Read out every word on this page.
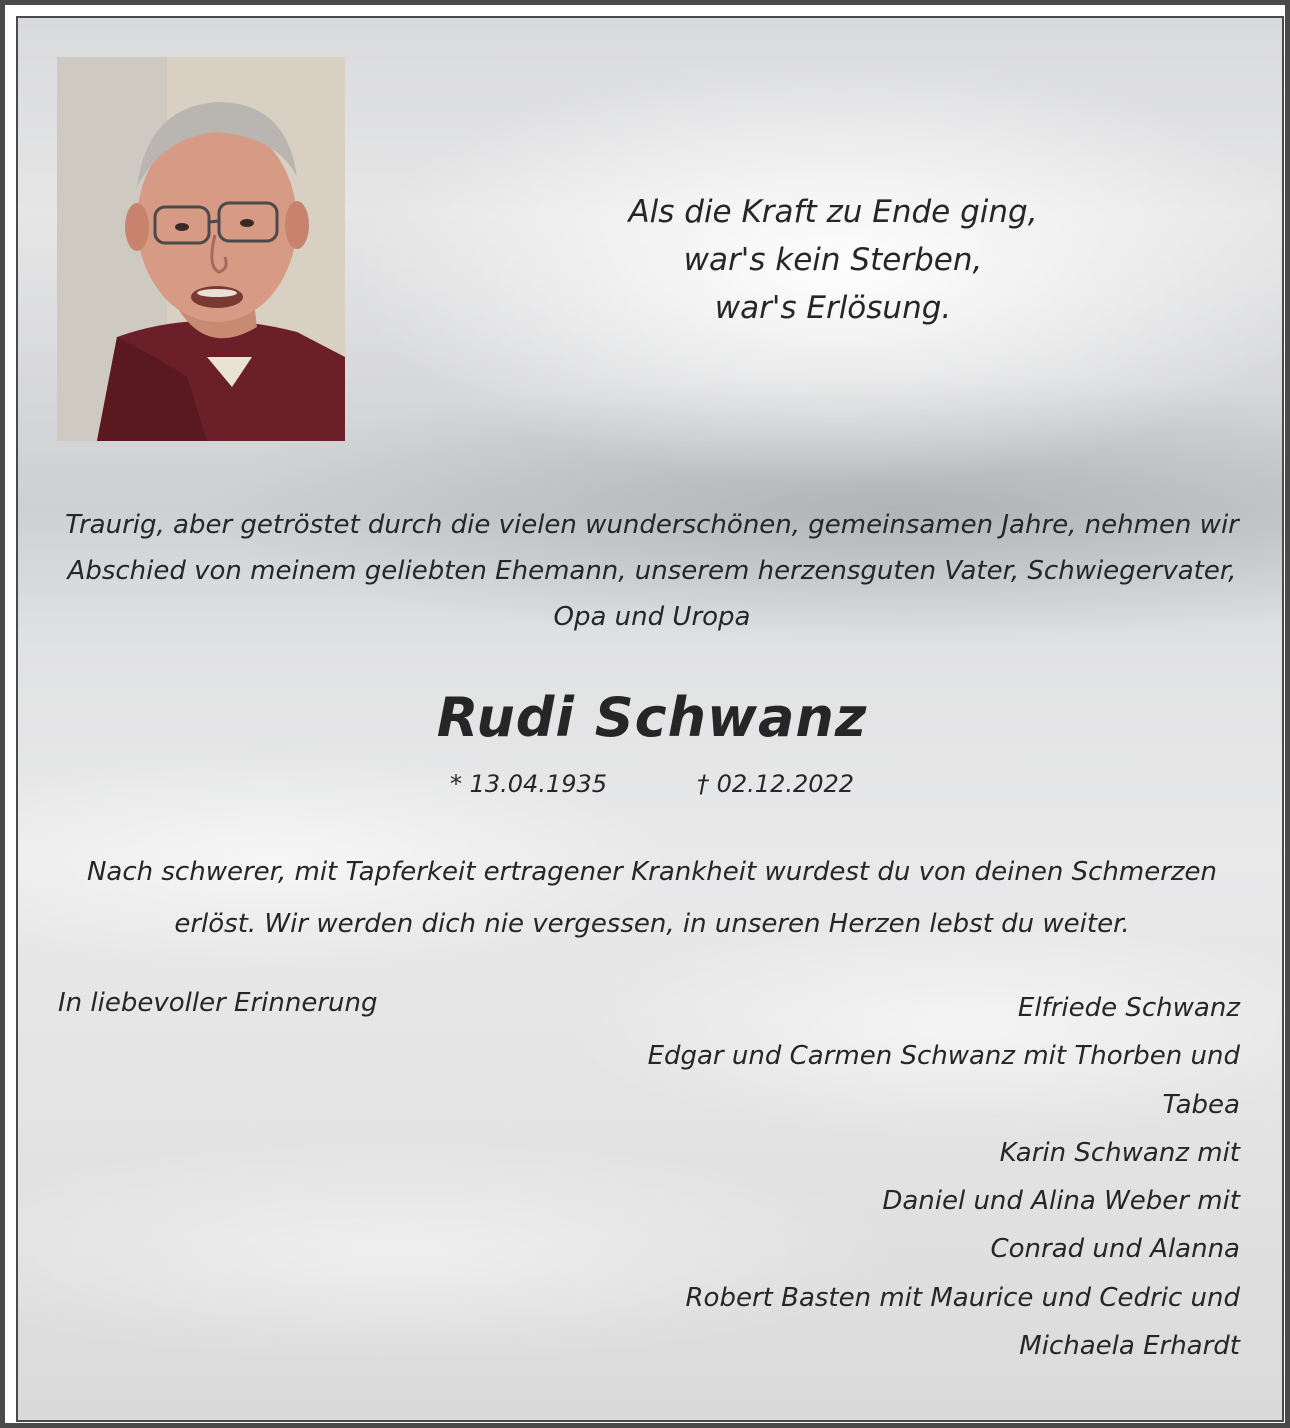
Als die Kraft zu Ende ging,
war's kein Sterben,
war's Erlösung.
Traurig, aber getröstet durch die vielen wunderschönen, gemeinsamen Jahre, nehmen wir
Abschied von meinem geliebten Ehemann, unserem herzensguten Vater, Schwiegervater,
Opa und Uropa
Rudi Schwanz
* 13.04.1935	† 02.12.2022
Nach schwerer, mit Tapferkeit ertragener Krankheit wurdest du von deinen Schmerzen
erlöst. Wir werden dich nie vergessen, in unseren Herzen lebst du weiter.
In liebevoller Erinnerung	Elfriede Schwanz
Edgar und Carmen Schwanz mit Thorben und
Tabea
Karin Schwanz mit
Daniel und Alina Weber mit
Conrad und Alanna
Robert Basten mit Maurice und Cedric und
Michaela Erhardt
